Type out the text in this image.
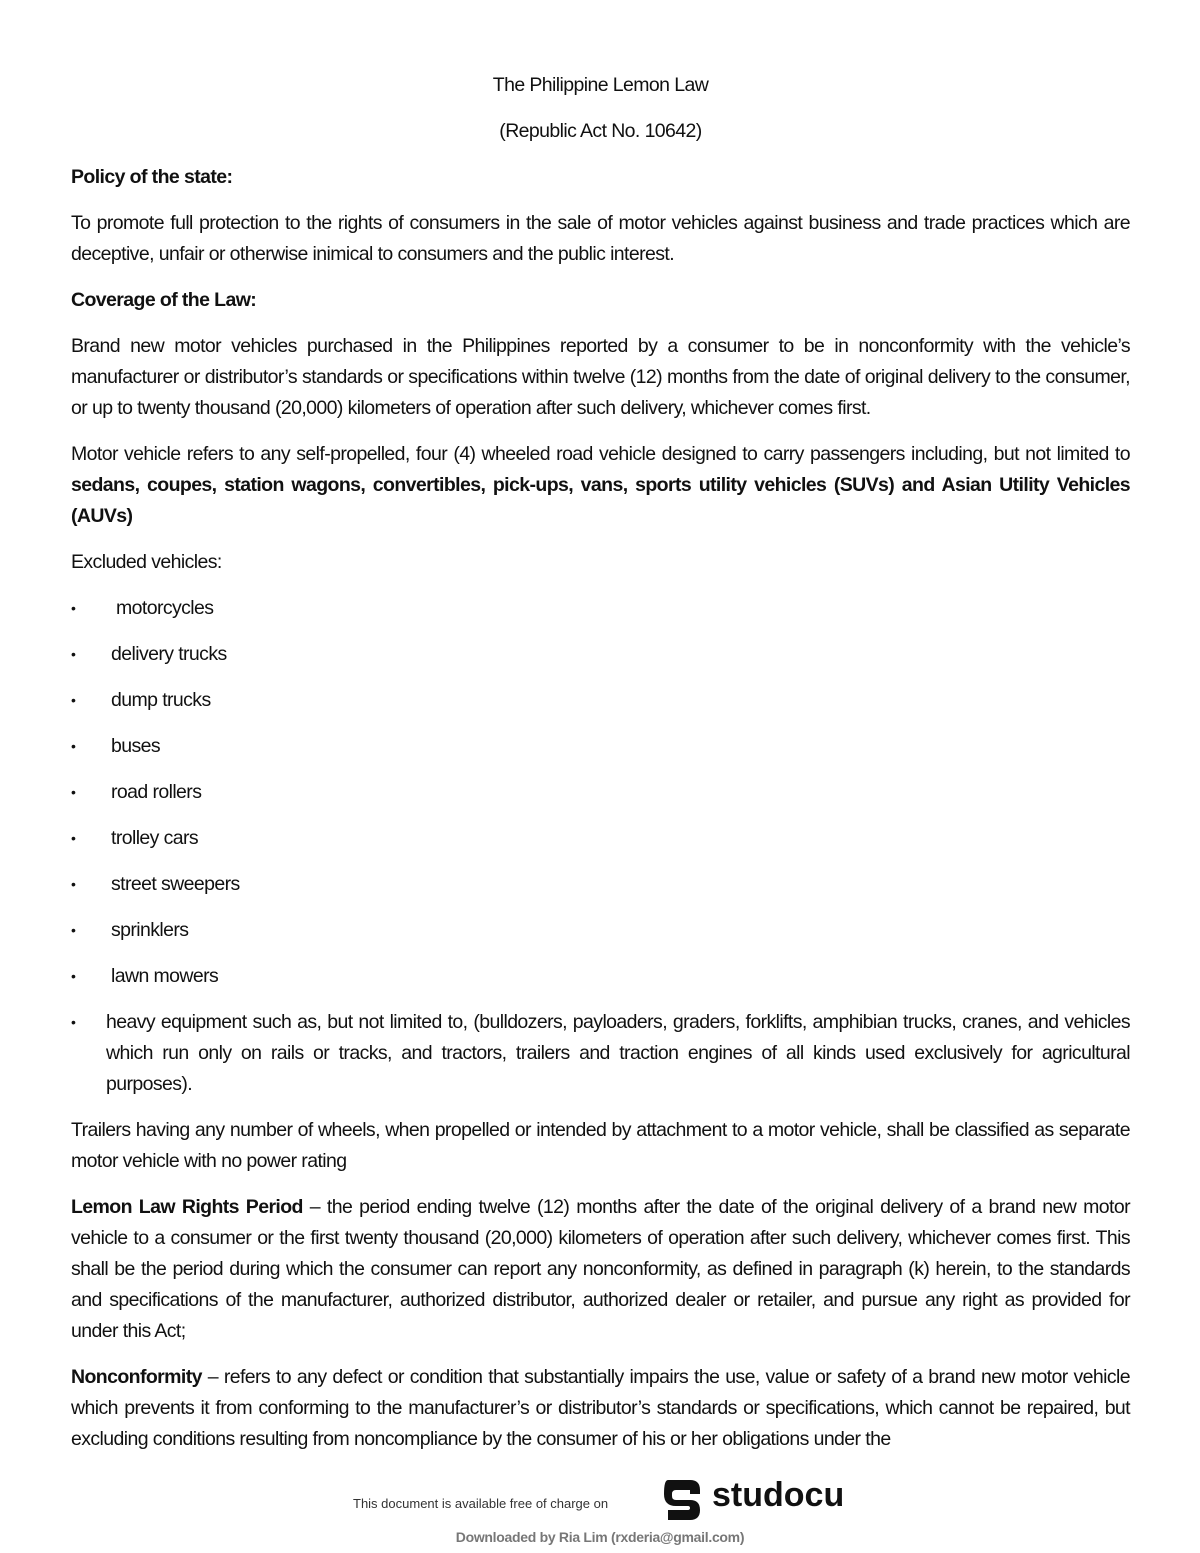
The Philippine Lemon Law

(Republic Act No. 10642)

Policy of the state:

To promote full protection to the rights of consumers in the sale of motor vehicles against business and trade practices which are deceptive, unfair or otherwise inimical to consumers and the public interest.

Coverage of the Law:

Brand new motor vehicles purchased in the Philippines reported by a consumer to be in nonconformity with the vehicle’s manufacturer or distributor’s standards or specifications within twelve (12) months from the date of original delivery to the consumer, or up to twenty thousand (20,000) kilometers of operation after such delivery, whichever comes first.

Motor vehicle refers to any self-propelled, four (4) wheeled road vehicle designed to carry passengers including, but not limited to sedans, coupes, station wagons, convertibles, pick-ups, vans, sports utility vehicles (SUVs) and Asian Utility Vehicles (AUVs)

Excluded vehicles:

• motorcycles
• delivery trucks
• dump trucks
• buses
• road rollers
• trolley cars
• street sweepers
• sprinklers
• lawn mowers
• heavy equipment such as, but not limited to, (bulldozers, payloaders, graders, forklifts, amphibian trucks, cranes, and vehicles which run only on rails or tracks, and tractors, trailers and traction engines of all kinds used exclusively for agricultural purposes).

Trailers having any number of wheels, when propelled or intended by attachment to a motor vehicle, shall be classified as separate motor vehicle with no power rating

Lemon Law Rights Period – the period ending twelve (12) months after the date of the original delivery of a brand new motor vehicle to a consumer or the first twenty thousand (20,000) kilometers of operation after such delivery, whichever comes first. This shall be the period during which the consumer can report any nonconformity, as defined in paragraph (k) herein, to the standards and specifications of the manufacturer, authorized distributor, authorized dealer or retailer, and pursue any right as provided for under this Act;

Nonconformity – refers to any defect or condition that substantially impairs the use, value or safety of a brand new motor vehicle which prevents it from conforming to the manufacturer’s or distributor’s standards or specifications, which cannot be repaired, but excluding conditions resulting from noncompliance by the consumer of his or her obligations under the

This document is available free of charge on	studocu
Downloaded by Ria Lim (rxderia@gmail.com)
